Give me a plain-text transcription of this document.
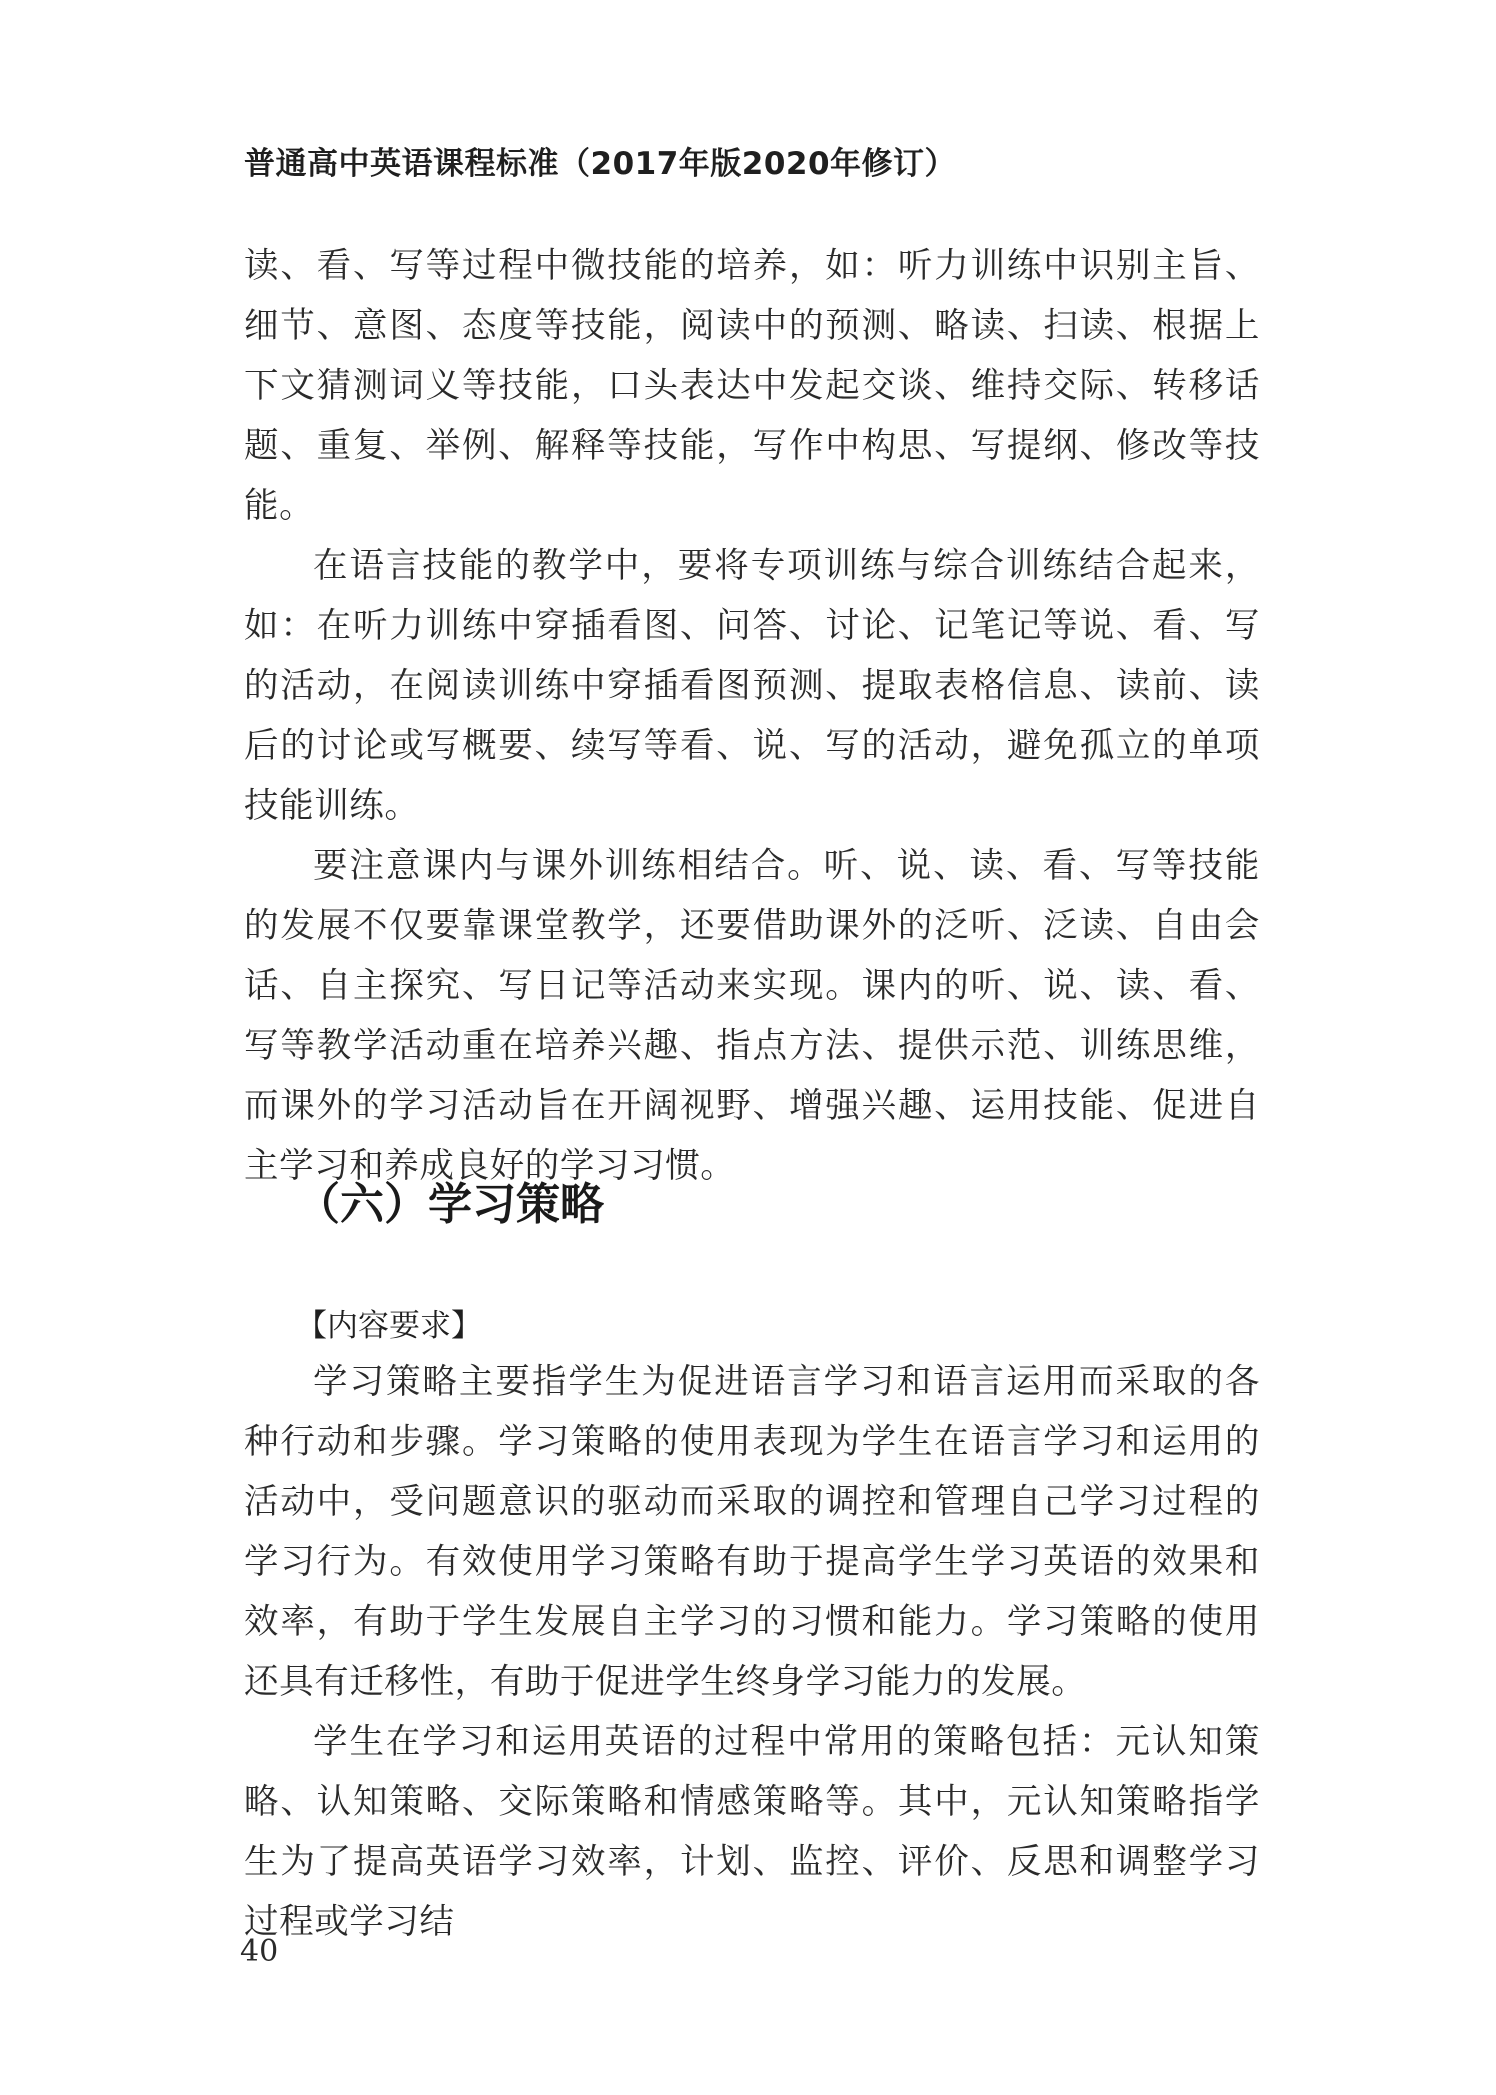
普通高中英语课程标准（2017年版2020年修订）

读、看、写等过程中微技能的培养，如：听力训练中识别主旨、细节、意图、态度等技能，阅读中的预测、略读、扫读、根据上下文猜测词义等技能，口头表达中发起交谈、维持交际、转移话题、重复、举例、解释等技能，写作中构思、写提纲、修改等技能。

在语言技能的教学中，要将专项训练与综合训练结合起来，如：在听力训练中穿插看图、问答、讨论、记笔记等说、看、写的活动，在阅读训练中穿插看图预测、提取表格信息、读前、读后的讨论或写概要、续写等看、说、写的活动，避免孤立的单项技能训练。

要注意课内与课外训练相结合。听、说、读、看、写等技能的发展不仅要靠课堂教学，还要借助课外的泛听、泛读、自由会话、自主探究、写日记等活动来实现。课内的听、说、读、看、写等教学活动重在培养兴趣、指点方法、提供示范、训练思维，而课外的学习活动旨在开阔视野、增强兴趣、运用技能、促进自主学习和养成良好的学习习惯。

（六）学习策略
【内容要求】

学习策略主要指学生为促进语言学习和语言运用而采取的各种行动和步骤。学习策略的使用表现为学生在语言学习和运用的活动中，受问题意识的驱动而采取的调控和管理自己学习过程的学习行为。有效使用学习策略有助于提高学生学习英语的效果和效率，有助于学生发展自主学习的习惯和能力。学习策略的使用还具有迁移性，有助于促进学生终身学习能力的发展。

学生在学习和运用英语的过程中常用的策略包括：元认知策略、认知策略、交际策略和情感策略等。其中，元认知策略指学生为了提高英语学习效率，计划、监控、评价、反思和调整学习过程或学习结

40
